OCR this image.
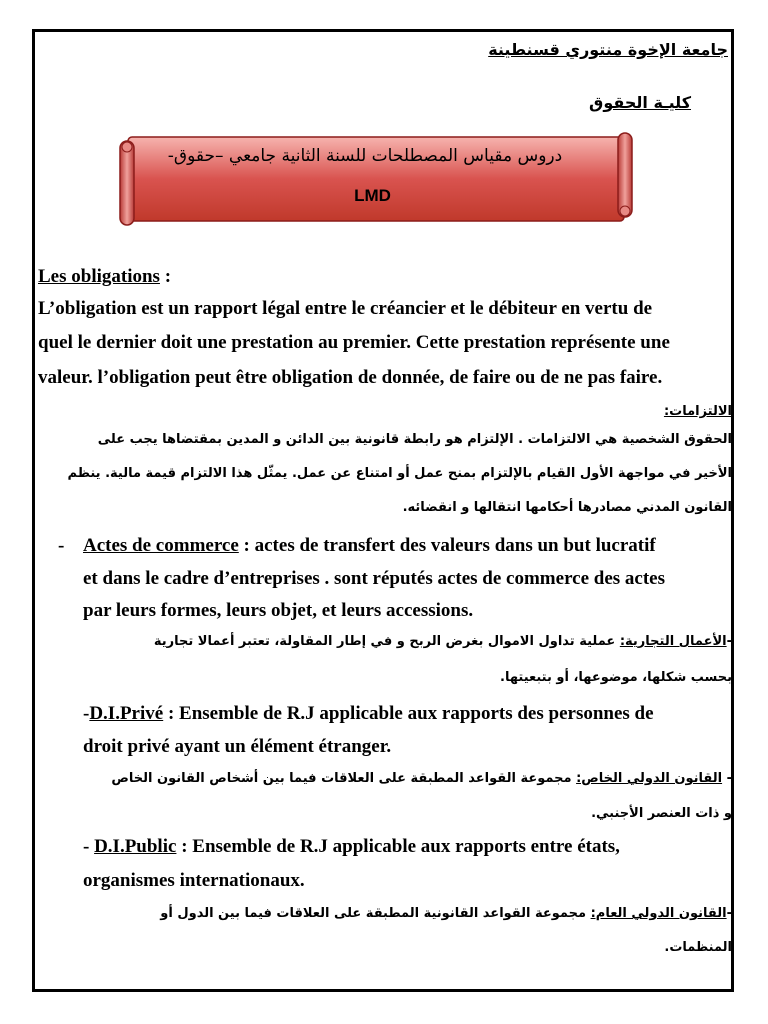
جامعة الإخوة منتوري قسنطينة
كليـة الحقوق
دروس مقياس المصطلحات للسنة الثانية جامعي –حقوق-
LMD
Les obligations :
L’obligation est un rapport légal entre le créancier et le débiteur en vertu de
quel le dernier doit une prestation au premier. Cette prestation représente une
valeur. l’obligation peut être obligation de donnée, de faire ou de ne pas faire.
الالتزامات:
الحقوق الشخصية هي الالتزامات . الإلتزام هو رابطة قانونية بين الدائن و المدين بمقتضاها يجب على
الأخير في مواجهة الأول القيام بالإلتزام بمنح عمل أو امتناع عن عمل. يمثّل هذا الالتزام قيمة مالية. ينظم
القانون المدني مصادرها أحكامها انتقالها و انقضائه.
- Actes de commerce : actes de transfert des valeurs dans un but lucratif
et dans le cadre d’entreprises . sont réputés actes de commerce des actes
par leurs formes, leurs objet, et leurs accessions.
-الأعمال التجارية: عملية تداول الاموال بغرض الربح و في إطار المقاولة، تعتبر أعمالا تجارية
بحسب شكلها، موضوعها، أو بتبعيتها.
-D.I.Privé : Ensemble de R.J applicable aux rapports des personnes de
droit privé ayant un élément étranger.
- القانون الدولي الخاص: مجموعة القواعد المطبقة على العلاقات فيما بين أشخاص القانون الخاص
و ذات العنصر الأجنبي.
- D.I.Public : Ensemble de R.J applicable aux rapports entre états,
organismes internationaux.
-القانون الدولي العام: مجموعة القواعد القانونية المطبقة على العلاقات فيما بين الدول أو
المنظمات.
